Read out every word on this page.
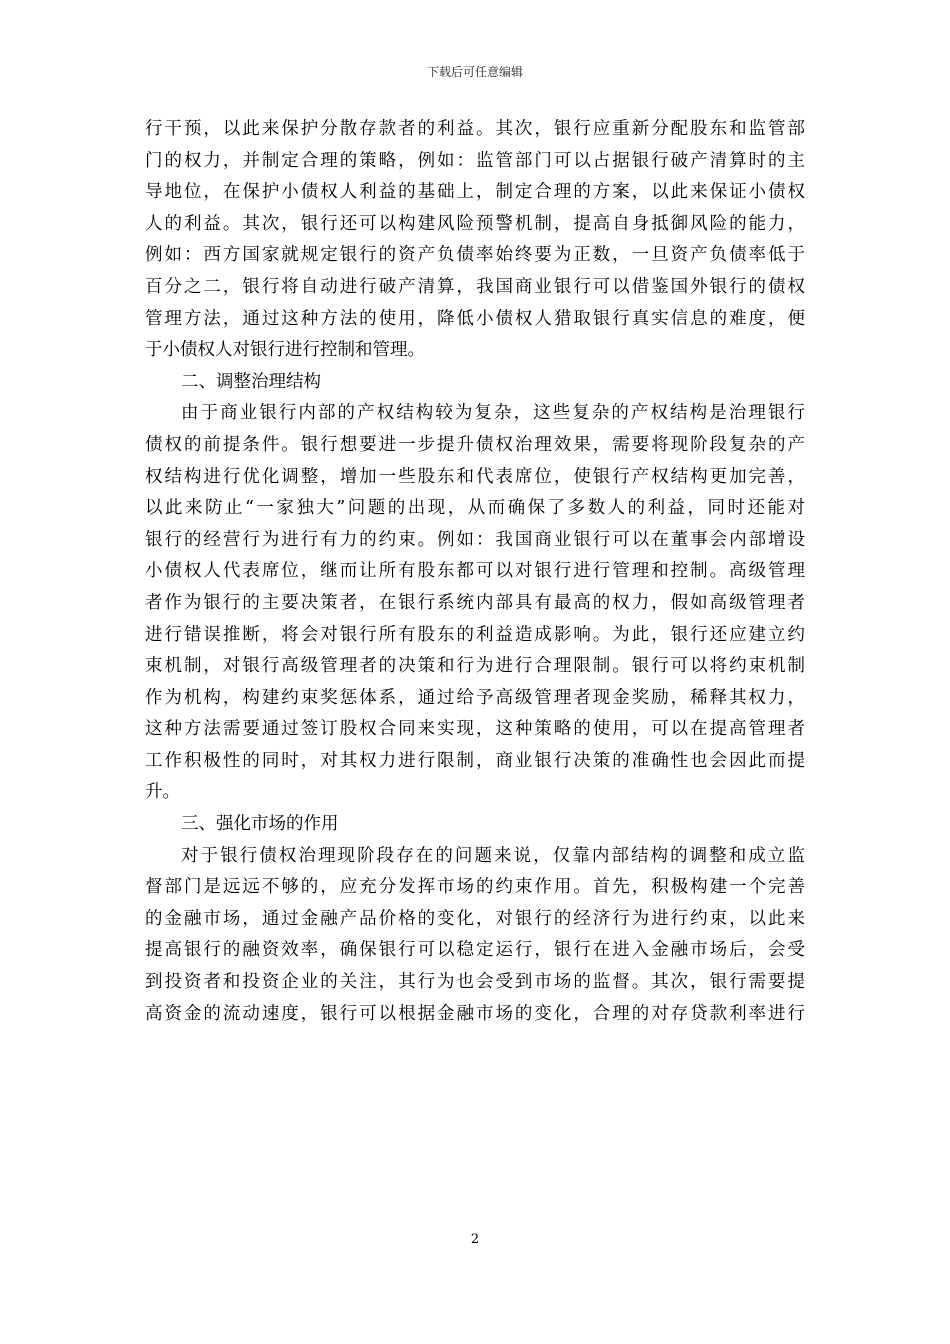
下载后可任意编辑
行干预，以此来保护分散存款者的利益。其次，银行应重新分配股东和监管部
门的权力，并制定合理的策略，例如：监管部门可以占据银行破产清算时的主
导地位，在保护小债权人利益的基础上，制定合理的方案，以此来保证小债权
人的利益。其次，银行还可以构建风险预警机制，提高自身抵御风险的能力，
例如：西方国家就规定银行的资产负债率始终要为正数，一旦资产负债率低于
百分之二，银行将自动进行破产清算，我国商业银行可以借鉴国外银行的债权
管理方法，通过这种方法的使用，降低小债权人猎取银行真实信息的难度，便
于小债权人对银行进行控制和管理。
二、调整治理结构
由于商业银行内部的产权结构较为复杂，这些复杂的产权结构是治理银行
债权的前提条件。银行想要进一步提升债权治理效果，需要将现阶段复杂的产
权结构进行优化调整，增加一些股东和代表席位，使银行产权结构更加完善，
以此来防止“一家独大”问题的出现，从而确保了多数人的利益，同时还能对
银行的经营行为进行有力的约束。例如：我国商业银行可以在董事会内部增设
小债权人代表席位，继而让所有股东都可以对银行进行管理和控制。高级管理
者作为银行的主要决策者，在银行系统内部具有最高的权力，假如高级管理者
进行错误推断，将会对银行所有股东的利益造成影响。为此，银行还应建立约
束机制，对银行高级管理者的决策和行为进行合理限制。银行可以将约束机制
作为机构，构建约束奖惩体系，通过给予高级管理者现金奖励，稀释其权力，
这种方法需要通过签订股权合同来实现，这种策略的使用，可以在提高管理者
工作积极性的同时，对其权力进行限制，商业银行决策的准确性也会因此而提
升。
三、强化市场的作用
对于银行债权治理现阶段存在的问题来说，仅靠内部结构的调整和成立监
督部门是远远不够的，应充分发挥市场的约束作用。首先，积极构建一个完善
的金融市场，通过金融产品价格的变化，对银行的经济行为进行约束，以此来
提高银行的融资效率，确保银行可以稳定运行，银行在进入金融市场后，会受
到投资者和投资企业的关注，其行为也会受到市场的监督。其次，银行需要提
高资金的流动速度，银行可以根据金融市场的变化，合理的对存贷款利率进行
2
